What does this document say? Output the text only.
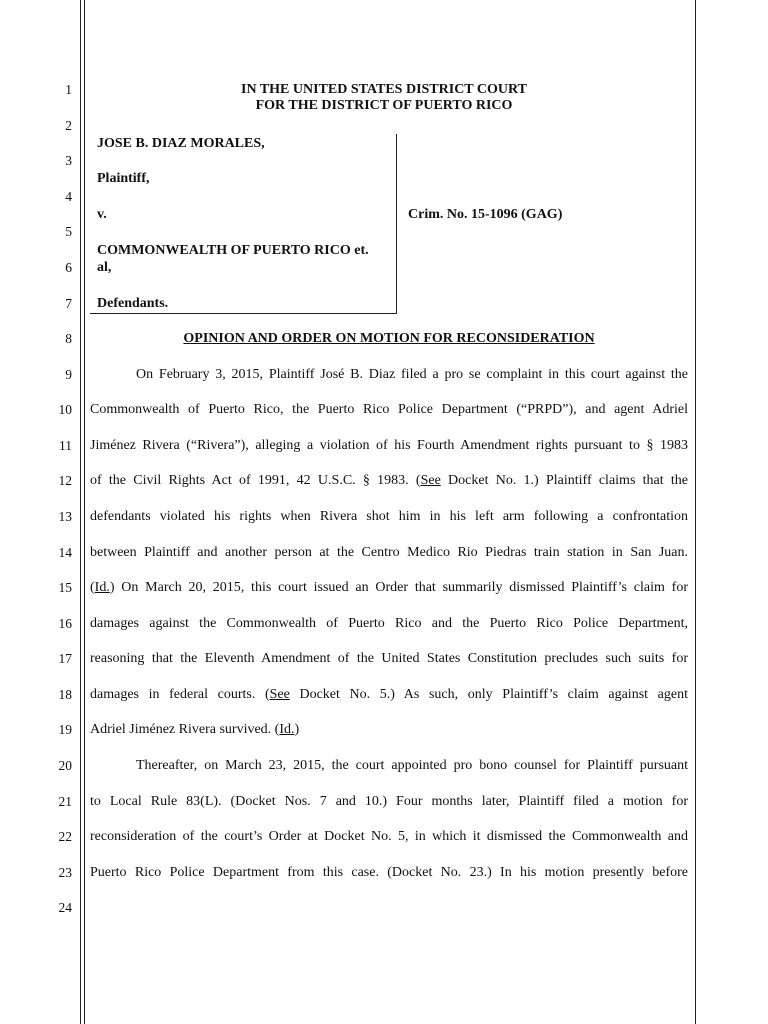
1
2
3
4
5
6
7
8
9
10
11
12
13
14
15
16
17
18
19
20
21
22
23
24
IN THE UNITED STATES DISTRICT COURT
FOR THE DISTRICT OF PUERTO RICO
JOSE B. DIAZ MORALES,
Plaintiff,
v.
COMMONWEALTH OF PUERTO RICO et.
al,
Defendants.
Crim. No. 15-1096 (GAG)
OPINION AND ORDER ON MOTION FOR RECONSIDERATION
On February 3, 2015, Plaintiff José B. Diaz filed a pro se complaint in this court against the
Commonwealth of Puerto Rico, the Puerto Rico Police Department (“PRPD”), and agent Adriel
Jiménez Rivera (“Rivera”), alleging a violation of his Fourth Amendment rights pursuant to § 1983
of the Civil Rights Act of 1991, 42 U.S.C. § 1983. (See Docket No. 1.) Plaintiff claims that the
defendants violated his rights when Rivera shot him in his left arm following a confrontation
between Plaintiff and another person at the Centro Medico Rio Piedras train station in San Juan.
(Id.) On March 20, 2015, this court issued an Order that summarily dismissed Plaintiff’s claim for
damages against the Commonwealth of Puerto Rico and the Puerto Rico Police Department,
reasoning that the Eleventh Amendment of the United States Constitution precludes such suits for
damages in federal courts. (See Docket No. 5.) As such, only Plaintiff’s claim against agent
Adriel Jiménez Rivera survived. (Id.)
Thereafter, on March 23, 2015, the court appointed pro bono counsel for Plaintiff pursuant
to Local Rule 83(L). (Docket Nos. 7 and 10.) Four months later, Plaintiff filed a motion for
reconsideration of the court’s Order at Docket No. 5, in which it dismissed the Commonwealth and
Puerto Rico Police Department from this case. (Docket No. 23.) In his motion presently before
